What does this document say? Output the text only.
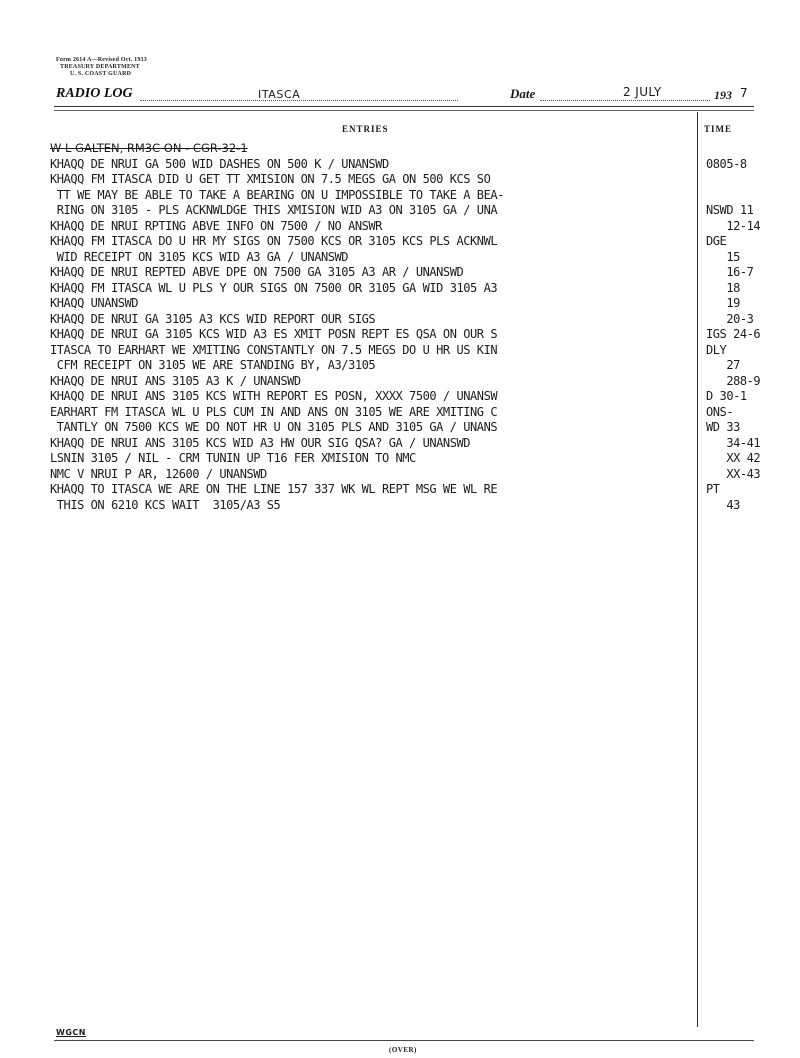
Form 2614 A—Revised Oct. 1933
TREASURY DEPARTMENT
U. S. COAST GUARD
RADIO LOG	ITASCA	Date	2 JULY	193 7
ENTRIES	TIME

W L GALTEN, RM3C ON - CGR-32-1

KHAQQ DE NRUI GA 500 WID DASHES ON 500 K / UNANSWD	0805-8
KHAQQ FM ITASCA DID U GET TT XMISION ON 7.5 MEGS GA ON 500 KCS SO
TT WE MAY BE ABLE TO TAKE A BEARING ON U IMPOSSIBLE TO TAKE A BEA-
RING ON 3105 - PLS ACKNWLDGE THIS XMISION WID A3 ON 3105 GA / UNA	NSWD 11
KHAQQ DE NRUI RPTING ABVE INFO ON 7500 / NO ANSWR	12-14
KHAQQ FM ITASCA DO U HR MY SIGS ON 7500 KCS OR 3105 KCS PLS ACKNWL	DGE
WID RECEIPT ON 3105 KCS WID A3 GA / UNANSWD	15
KHAQQ DE NRUI REPTED ABVE DPE ON 7500 GA 3105 A3 AR / UNANSWD	16-7
KHAQQ FM ITASCA WL U PLS Y OUR SIGS ON 7500 OR 3105 GA WID 3105 A3	18
KHAQQ UNANSWD	19
KHAQQ DE NRUI GA 3105 A3 KCS WID REPORT OUR SIGS	20-3
KHAQQ DE NRUI GA 3105 KCS WID A3 ES XMIT POSN REPT ES QSA ON OUR S	IGS 24-6
ITASCA TO EARHART WE XMITING CONSTANTLY ON 7.5 MEGS DO U HR US KIN	DLY
CFM RECEIPT ON 3105 WE ARE STANDING BY, A3/3105	27
KHAQQ DE NRUI ANS 3105 A3 K / UNANSWD	288-9
KHAQQ DE NRUI ANS 3105 KCS WITH REPORT ES POSN, XXXX 7500 / UNANSW	D 30-1
EARHART FM ITASCA WL U PLS CUM IN AND ANS ON 3105 WE ARE XMITING C	ONS-
TANTLY ON 7500 KCS WE DO NOT HR U ON 3105 PLS AND 3105 GA / UNANS	WD 33
KHAQQ DE NRUI ANS 3105 KCS WID A3 HW OUR SIG QSA? GA / UNANSWD	34-41
LSNIN 3105 / NIL - CRM TUNIN UP T16 FER XMISION TO NMC	XX 42
NMC V NRUI P AR, 12600 / UNANSWD	XX-43
KHAQQ TO ITASCA WE ARE ON THE LINE 157 337 WK WL REPT MSG WE WL RE	PT
THIS ON 6210 KCS WAIT  3105/A3 S5	43
WGCN
(OVER)
